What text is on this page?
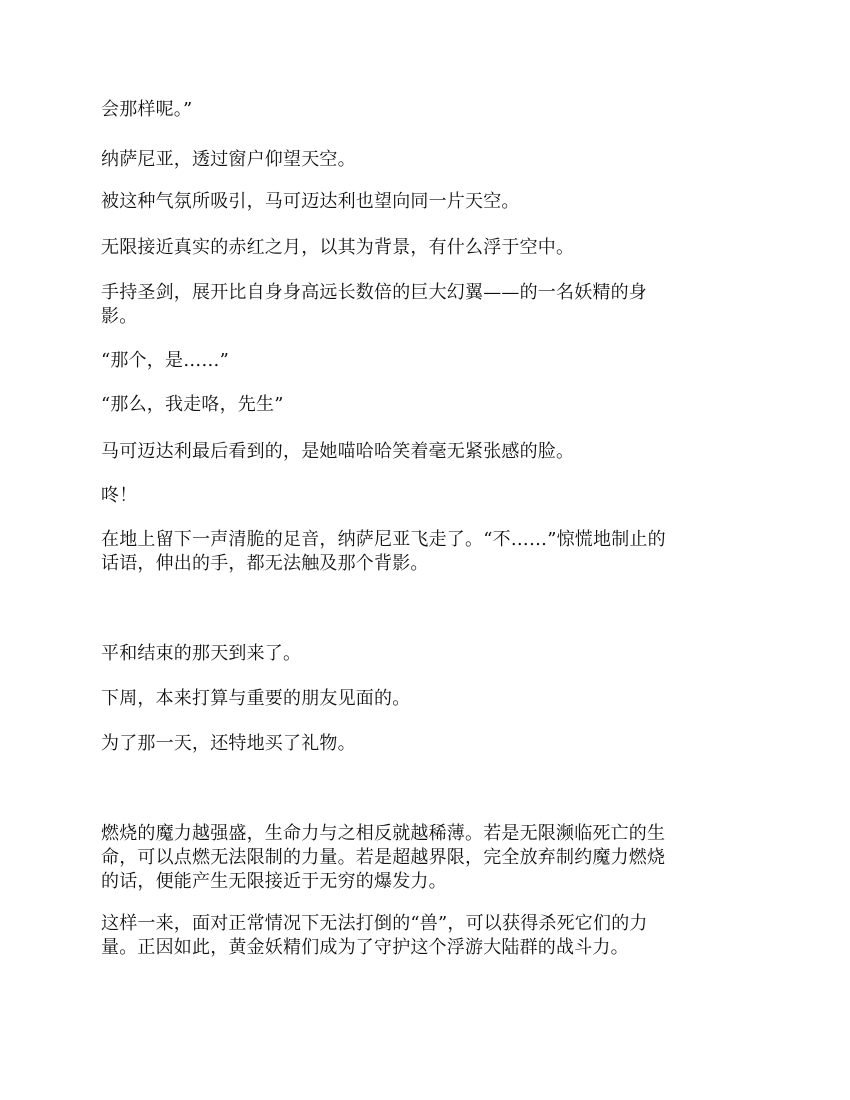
会那样呢。”

纳萨尼亚，透过窗户仰望天空。

被这种气氛所吸引，马可迈达利也望向同一片天空。

无限接近真实的赤红之月，以其为背景，有什么浮于空中。

手持圣剑，展开比自身身高远长数倍的巨大幻翼——的一名妖精的身
影。

“那个，是……”

“那么，我走咯，先生”

马可迈达利最后看到的，是她喵哈哈笑着毫无紧张感的脸。

咚！

在地上留下一声清脆的足音，纳萨尼亚飞走了。“不……”惊慌地制止的
话语，伸出的手，都无法触及那个背影。

平和结束的那天到来了。

下周，本来打算与重要的朋友见面的。

为了那一天，还特地买了礼物。

燃烧的魔力越强盛，生命力与之相反就越稀薄。若是无限濒临死亡的生
命，可以点燃无法限制的力量。若是超越界限，完全放弃制约魔力燃烧
的话，便能产生无限接近于无穷的爆发力。

这样一来，面对正常情况下无法打倒的“兽”，可以获得杀死它们的力
量。正因如此，黄金妖精们成为了守护这个浮游大陆群的战斗力。
